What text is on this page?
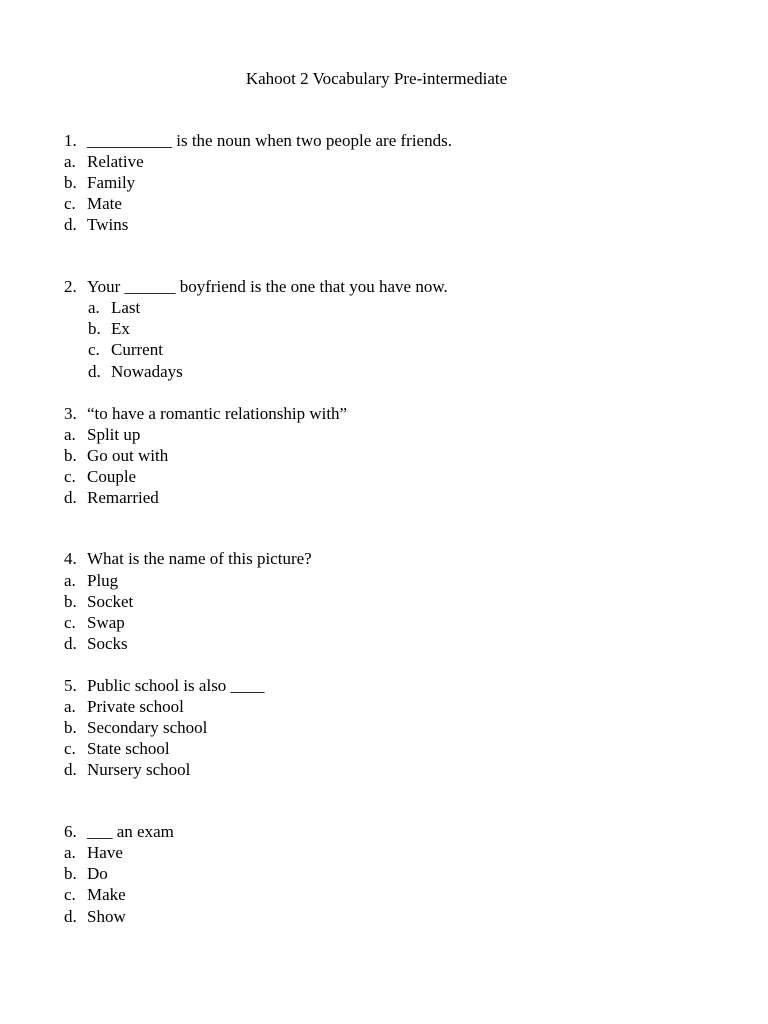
Kahoot 2 Vocabulary Pre-intermediate
1. __________ is the noun when two people are friends.
a. Relative
b. Family
c. Mate
d. Twins
2. Your ______ boyfriend is the one that you have now.
a. Last
b. Ex
c. Current
d. Nowadays
3. “to have a romantic relationship with”
a. Split up
b. Go out with
c. Couple
d. Remarried
4. What is the name of this picture?
a. Plug
b. Socket
c. Swap
d. Socks
5. Public school is also ____
a. Private school
b. Secondary school
c. State school
d. Nursery school
6. ___ an exam
a. Have
b. Do
c. Make
d. Show
